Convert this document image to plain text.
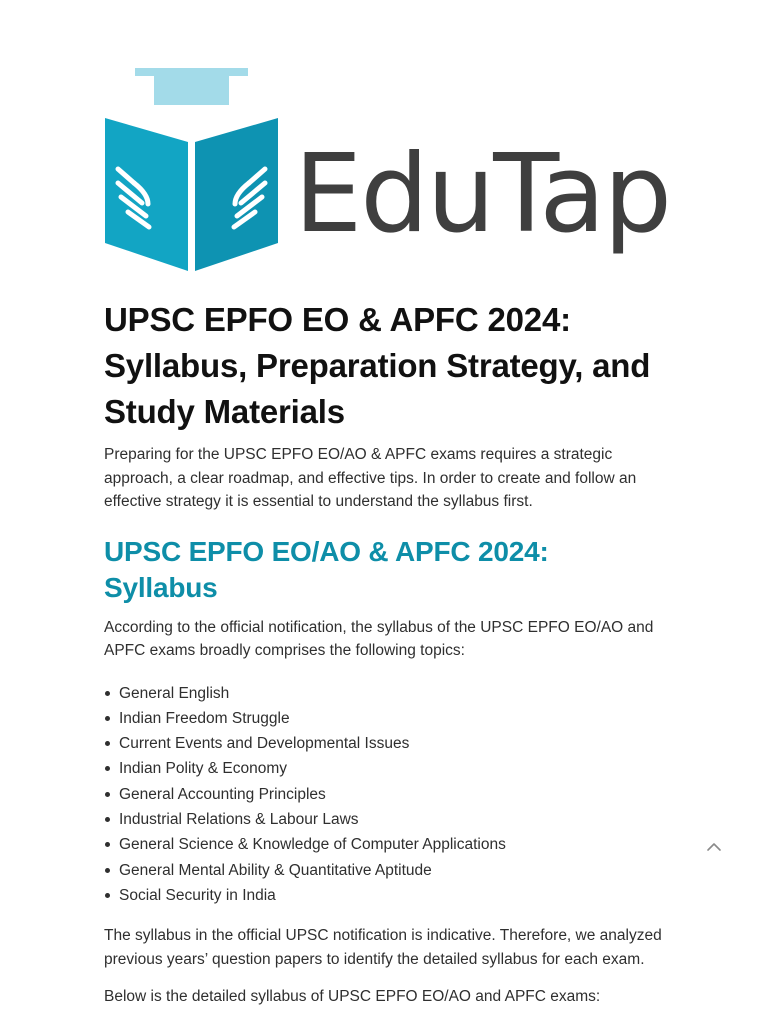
EduTap
UPSC EPFO EO & APFC 2024: Syllabus, Preparation Strategy, and Study Materials

Preparing for the UPSC EPFO EO/AO & APFC exams requires a strategic approach, a clear roadmap, and effective tips. In order to create and follow an effective strategy it is essential to understand the syllabus first.

UPSC EPFO EO/AO & APFC 2024: Syllabus

According to the official notification, the syllabus of the UPSC EPFO EO/AO and APFC exams broadly comprises the following topics:

General English
Indian Freedom Struggle
Current Events and Developmental Issues
Indian Polity & Economy
General Accounting Principles
Industrial Relations & Labour Laws
General Science & Knowledge of Computer Applications
General Mental Ability & Quantitative Aptitude
Social Security in India

The syllabus in the official UPSC notification is indicative. Therefore, we analyzed previous years’ question papers to identify the detailed syllabus for each exam.

Below is the detailed syllabus of UPSC EPFO EO/AO and APFC exams:
